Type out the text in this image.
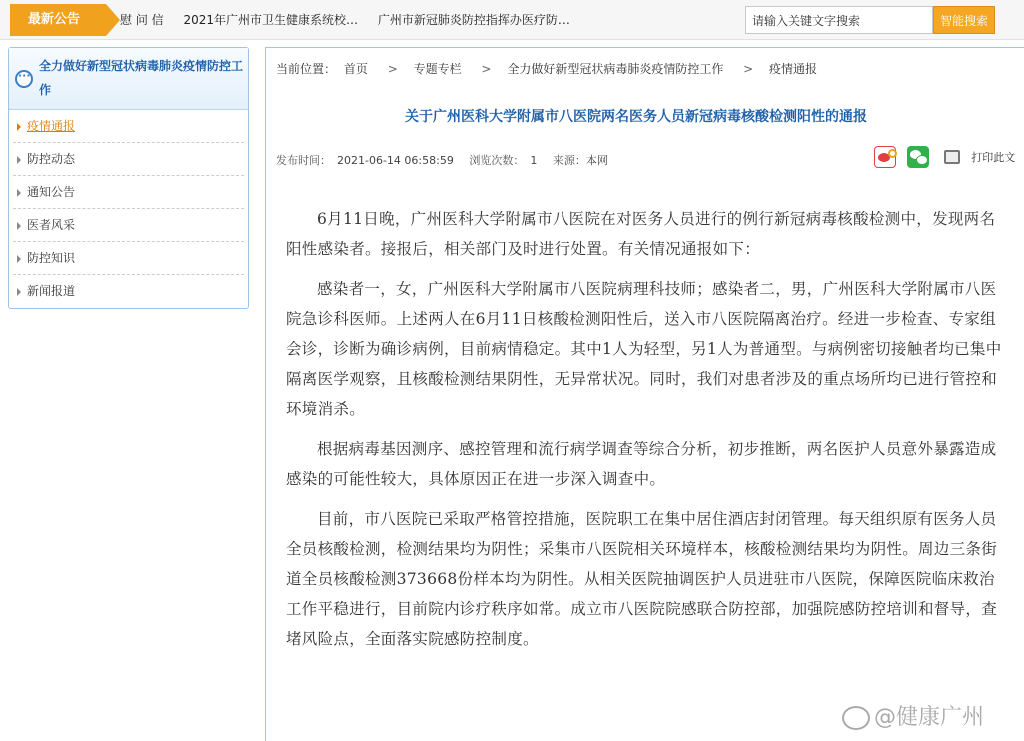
最新公告	慰 问 信 2021年广州市卫生健康系统校… 广州市新冠肺炎防控指挥办医疗防…
请输入关键文字搜索	智能搜索
···
全力做好新型冠状病毒肺炎疫情防控工作
疫情通报
防控动态
通知公告
医者风采
防控知识
新闻报道
当前位置： 首页 > 专题专栏 > 全力做好新型冠状病毒肺炎疫情防控工作 > 疫情通报
关于广州医科大学附属市八医院两名医务人员新冠病毒核酸检测阳性的通报
发布时间： 2021-06-14 06:58:59 浏览次数： 1 来源：本网	打印此文

6月11日晚，广州医科大学附属市八医院在对医务人员进行的例行新冠病毒核酸检测中，发现两名阳性感染者。接报后，相关部门及时进行处置。有关情况通报如下：

感染者一，女，广州医科大学附属市八医院病理科技师；感染者二，男，广州医科大学附属市八医院急诊科医师。上述两人在6月11日核酸检测阳性后，送入市八医院隔离治疗。经进一步检查、专家组会诊，诊断为确诊病例，目前病情稳定。其中1人为轻型，另1人为普通型。与病例密切接触者均已集中隔离医学观察，且核酸检测结果阴性，无异常状况。同时，我们对患者涉及的重点场所均已进行管控和环境消杀。

根据病毒基因测序、感控管理和流行病学调查等综合分析，初步推断，两名医护人员意外暴露造成感染的可能性较大，具体原因正在进一步深入调查中。

目前，市八医院已采取严格管控措施，医院职工在集中居住酒店封闭管理。每天组织原有医务人员全员核酸检测，检测结果均为阴性；采集市八医院相关环境样本，核酸检测结果均为阴性。周边三条街道全员核酸检测373668份样本均为阴性。从相关医院抽调医护人员进驻市八医院，保障医院临床救治工作平稳进行，目前院内诊疗秩序如常。成立市八医院院感联合防控部，加强院感防控培训和督导，查堵风险点，全面落实院感防控制度。

@健康广州
